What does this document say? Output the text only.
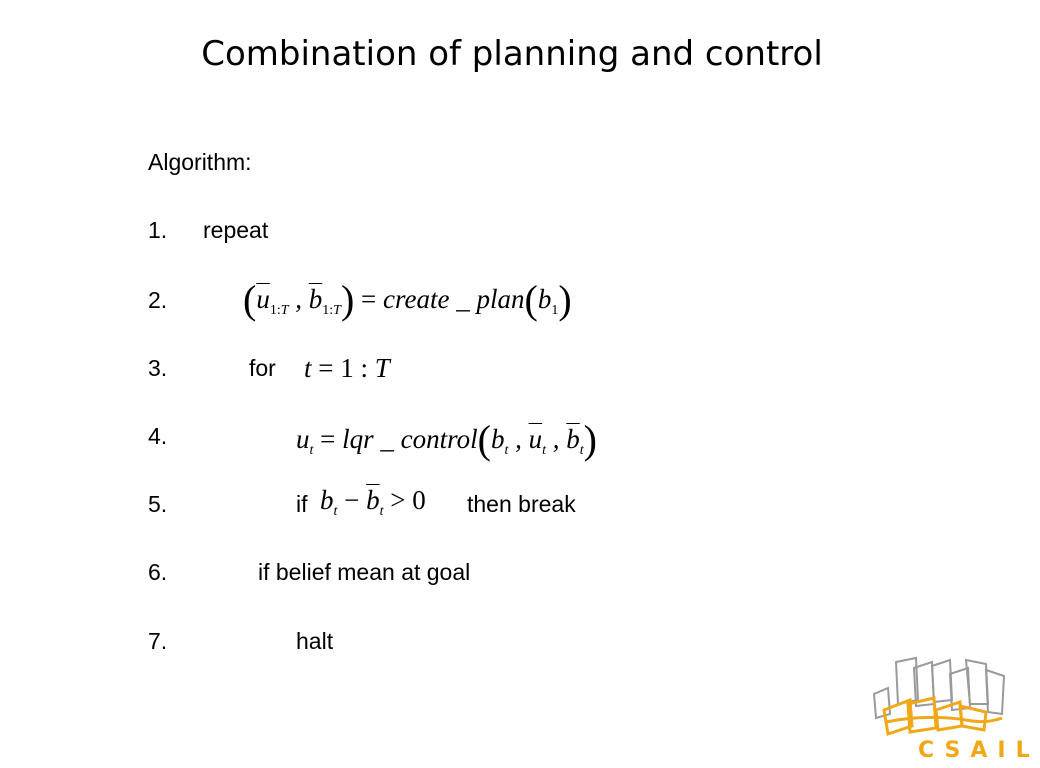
Combination of planning and control
Algorithm:
1. repeat
2. ($\overline{u}_{1:T}$ , $\overline{b}_{1:T}$) = create _ $plan(b_1)$
3.	for t = 1 : T
4.	$u_t$ = lqr _ $control(b_t$ , $\overline{u}_t$ , $\overline{b}_t$)
5.	if $b_t - \overline{b}_t > 0$ then break
6.	if belief mean at goal
7.	halt
CSAIL
